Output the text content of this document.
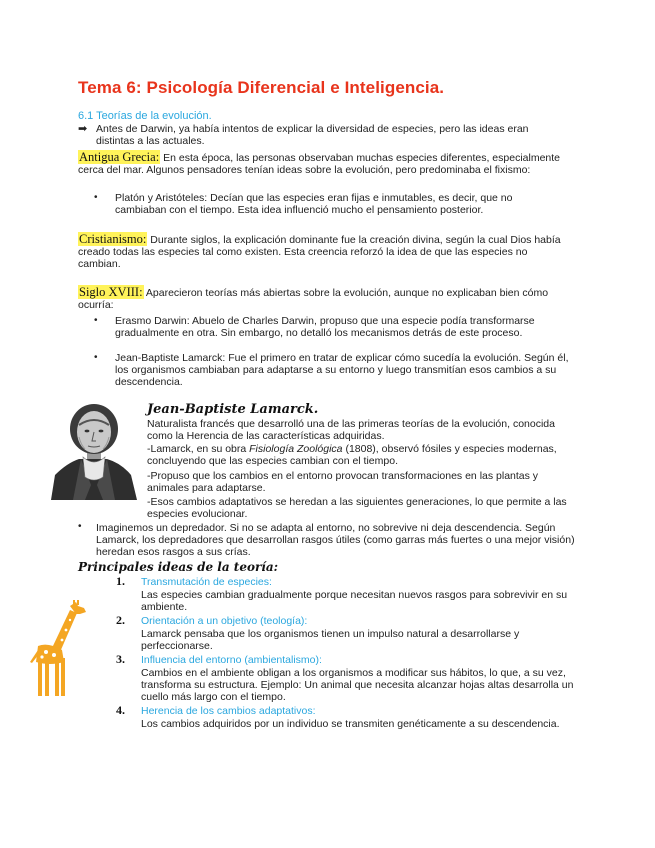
Tema 6: Psicología Diferencial e Inteligencia.
6.1 Teorías de la evolución.
➡ Antes de Darwin, ya había intentos de explicar la diversidad de especies, pero las ideas eran distintas a las actuales.
Antigua Grecia: En esta época, las personas observaban muchas especies diferentes, especialmente cerca del mar. Algunos pensadores tenían ideas sobre la evolución, pero predominaba el fixismo:
• Platón y Aristóteles: Decían que las especies eran fijas e inmutables, es decir, que no cambiaban con el tiempo. Esta idea influenció mucho el pensamiento posterior.
Cristianismo: Durante siglos, la explicación dominante fue la creación divina, según la cual Dios había creado todas las especies tal como existen. Esta creencia reforzó la idea de que las especies no cambian.
Siglo XVIII: Aparecieron teorías más abiertas sobre la evolución, aunque no explicaban bien cómo ocurría:
• Erasmo Darwin: Abuelo de Charles Darwin, propuso que una especie podía transformarse gradualmente en otra. Sin embargo, no detalló los mecanismos detrás de este proceso.
• Jean-Baptiste Lamarck: Fue el primero en tratar de explicar cómo sucedía la evolución. Según él, los organismos cambiaban para adaptarse a su entorno y luego transmitían esos cambios a su descendencia.
Jean-Baptiste Lamarck.
Naturalista francés que desarrolló una de las primeras teorías de la evolución, conocida como la Herencia de las características adquiridas.
-Lamarck, en su obra Fisiología Zoológica (1808), observó fósiles y especies modernas, concluyendo que las especies cambian con el tiempo.
-Propuso que los cambios en el entorno provocan transformaciones en las plantas y animales para adaptarse.
-Esos cambios adaptativos se heredan a las siguientes generaciones, lo que permite a las especies evolucionar.
• Imaginemos un depredador. Si no se adapta al entorno, no sobrevive ni deja descendencia. Según Lamarck, los depredadores que desarrollan rasgos útiles (como garras más fuertes o una mejor visión) heredan esos rasgos a sus crías.
Principales ideas de la teoría:
1. Transmutación de especies:
Las especies cambian gradualmente porque necesitan nuevos rasgos para sobrevivir en su ambiente.
2. Orientación a un objetivo (teología):
Lamarck pensaba que los organismos tienen un impulso natural a desarrollarse y perfeccionarse.
3. Influencia del entorno (ambientalismo):
Cambios en el ambiente obligan a los organismos a modificar sus hábitos, lo que, a su vez, transforma su estructura. Ejemplo: Un animal que necesita alcanzar hojas altas desarrolla un cuello más largo con el tiempo.
4. Herencia de los cambios adaptativos:
Los cambios adquiridos por un individuo se transmiten genéticamente a su descendencia.
